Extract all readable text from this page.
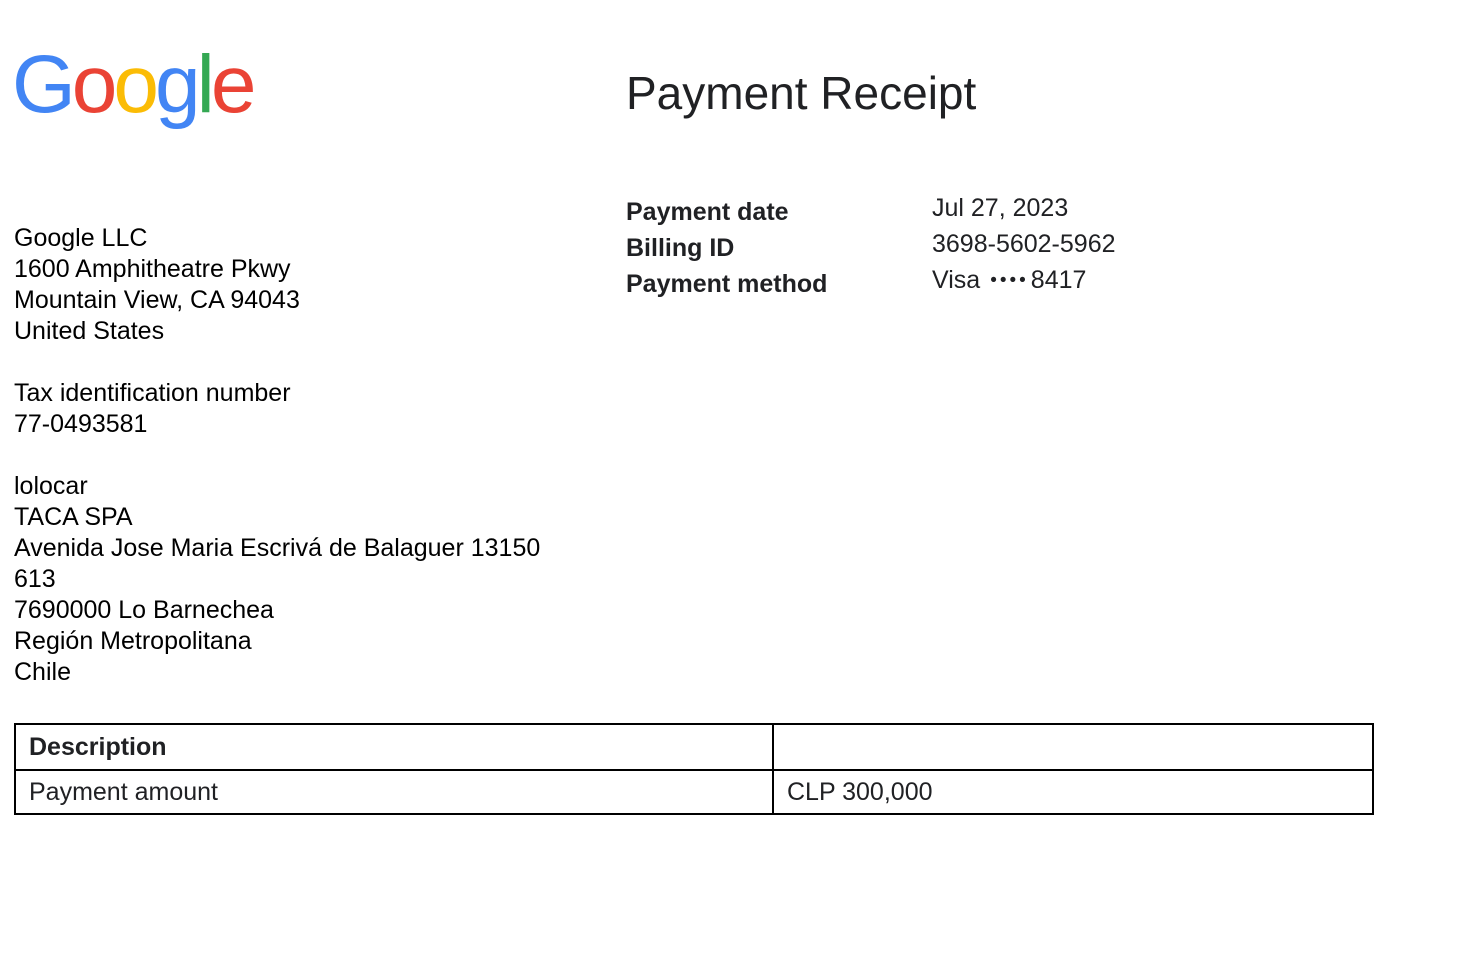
Google	Payment Receipt
Payment date	Jul 27, 2023
Billing ID	3698-5602-5962
Payment method	Visa ••••8417
Google LLC
1600 Amphitheatre Pkwy
Mountain View, CA 94043
United States
Tax identification number
77-0493581
lolocar
TACA SPA
Avenida Jose Maria Escrivá de Balaguer 13150
613
7690000 Lo Barnechea
Región Metropolitana
Chile
Description	
Payment amount	CLP 300,000
